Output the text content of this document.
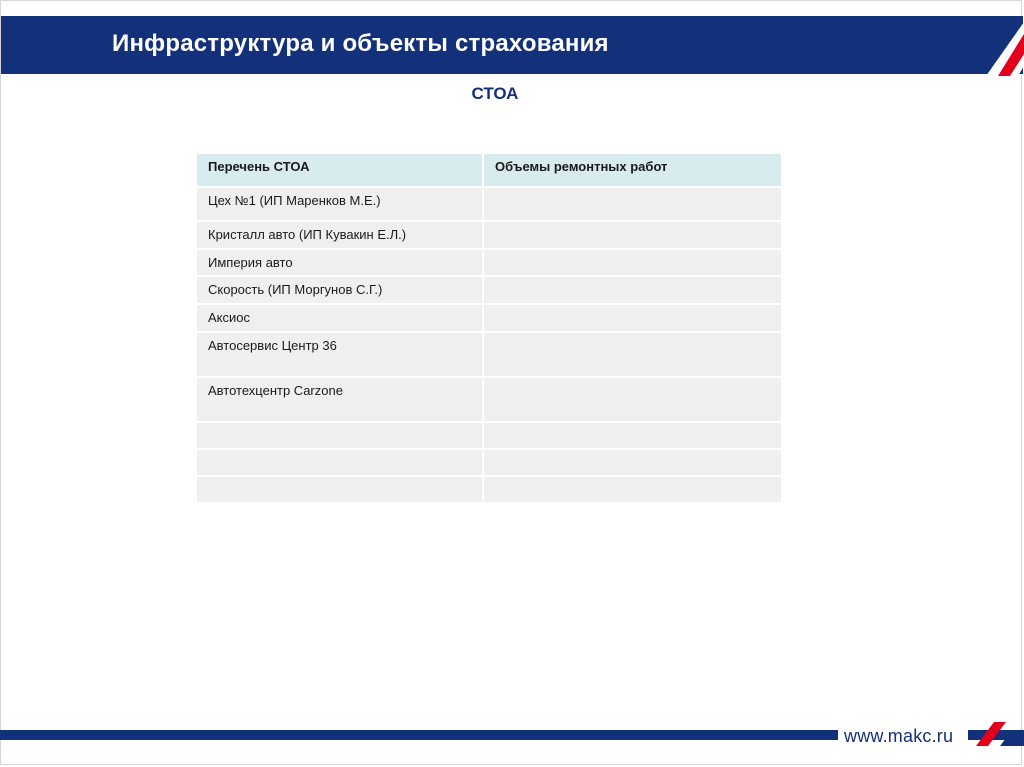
Инфраструктура и объекты страхования
СТОА
Перечень СТОА	Объемы ремонтных работ
Цех №1 (ИП Маренков М.Е.)	
Кристалл авто (ИП Кувакин Е.Л.)	
Империя авто	
Скорость (ИП Моргунов С.Г.)	
Аксиос	
Автосервис Центр 36	
Автотехцентр Carzone	

www.makc.ru
